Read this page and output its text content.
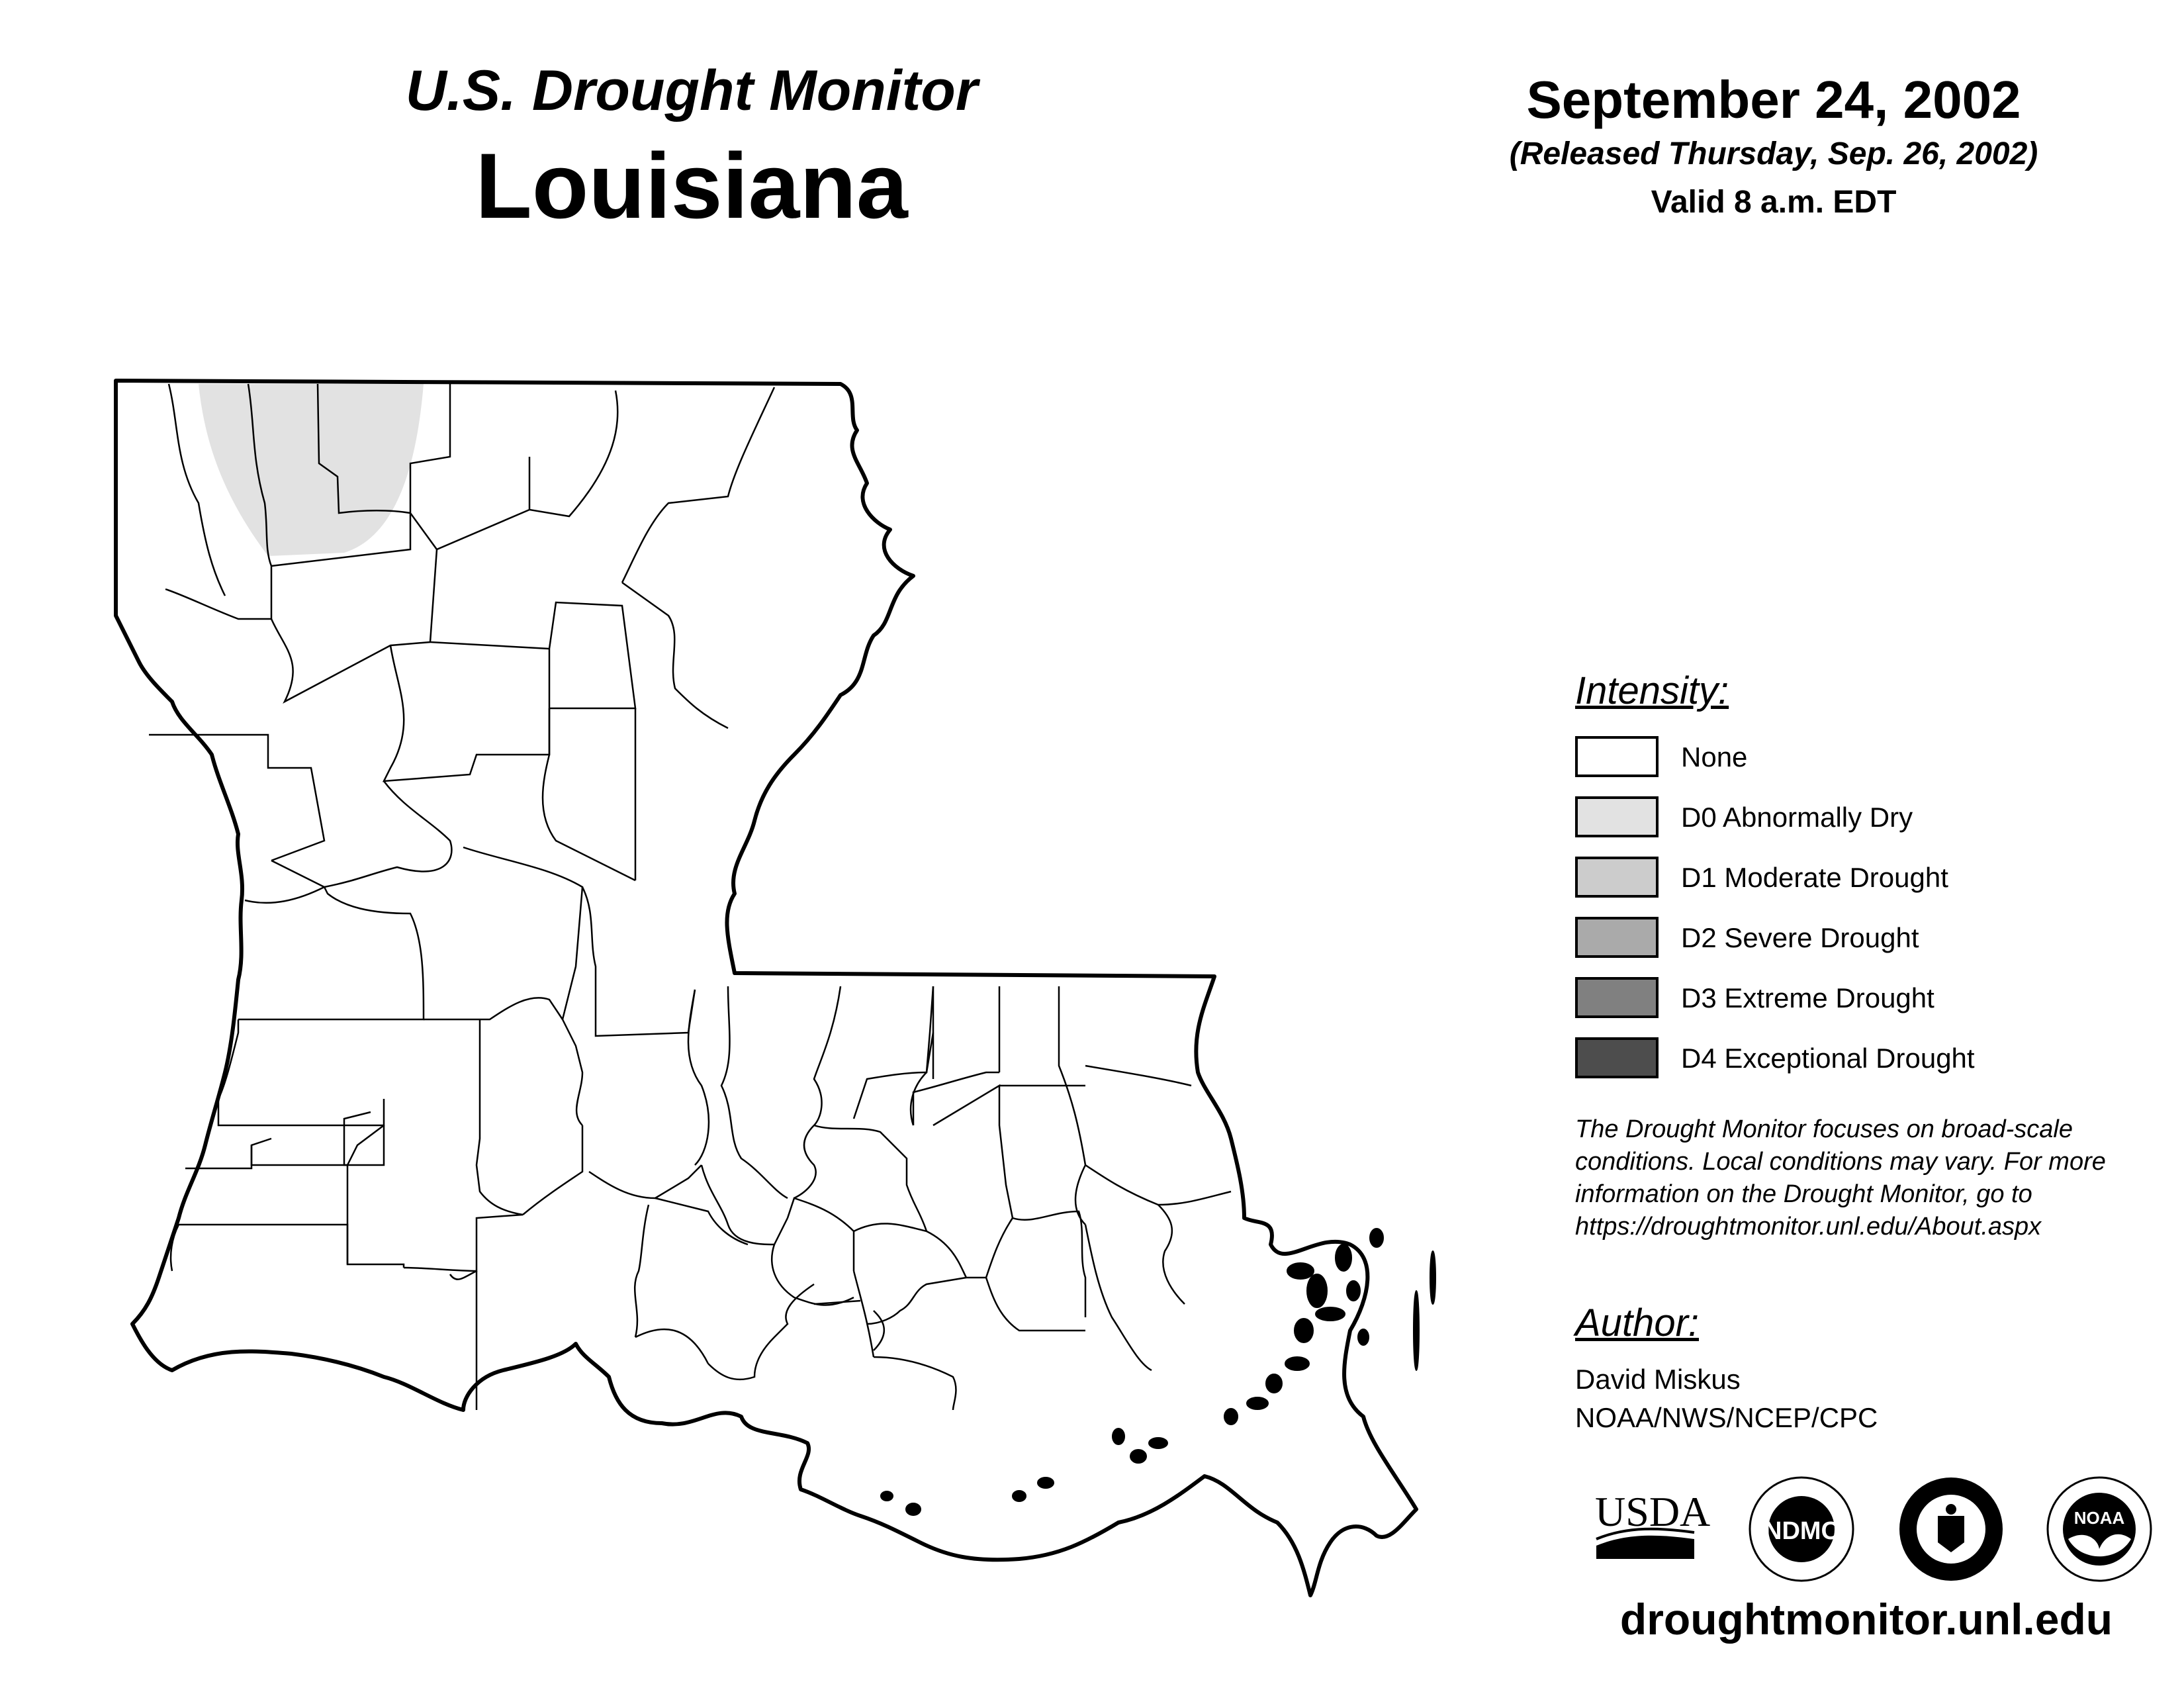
U.S. Drought Monitor
Louisiana
September 24, 2002
(Released Thursday, Sep. 26, 2002)
Valid 8 a.m. EDT
Intensity:
None
D0 Abnormally Dry
D1 Moderate Drought
D2 Severe Drought
D3 Extreme Drought
D4 Exceptional Drought
The Drought Monitor focuses on broad-scale
conditions. Local conditions may vary. For more
information on the Drought Monitor, go to
https://droughtmonitor.unl.edu/About.aspx
Author:
David Miskus
NOAA/NWS/NCEP/CPC
USDA NDMC	NOAA
droughtmonitor.unl.edu
